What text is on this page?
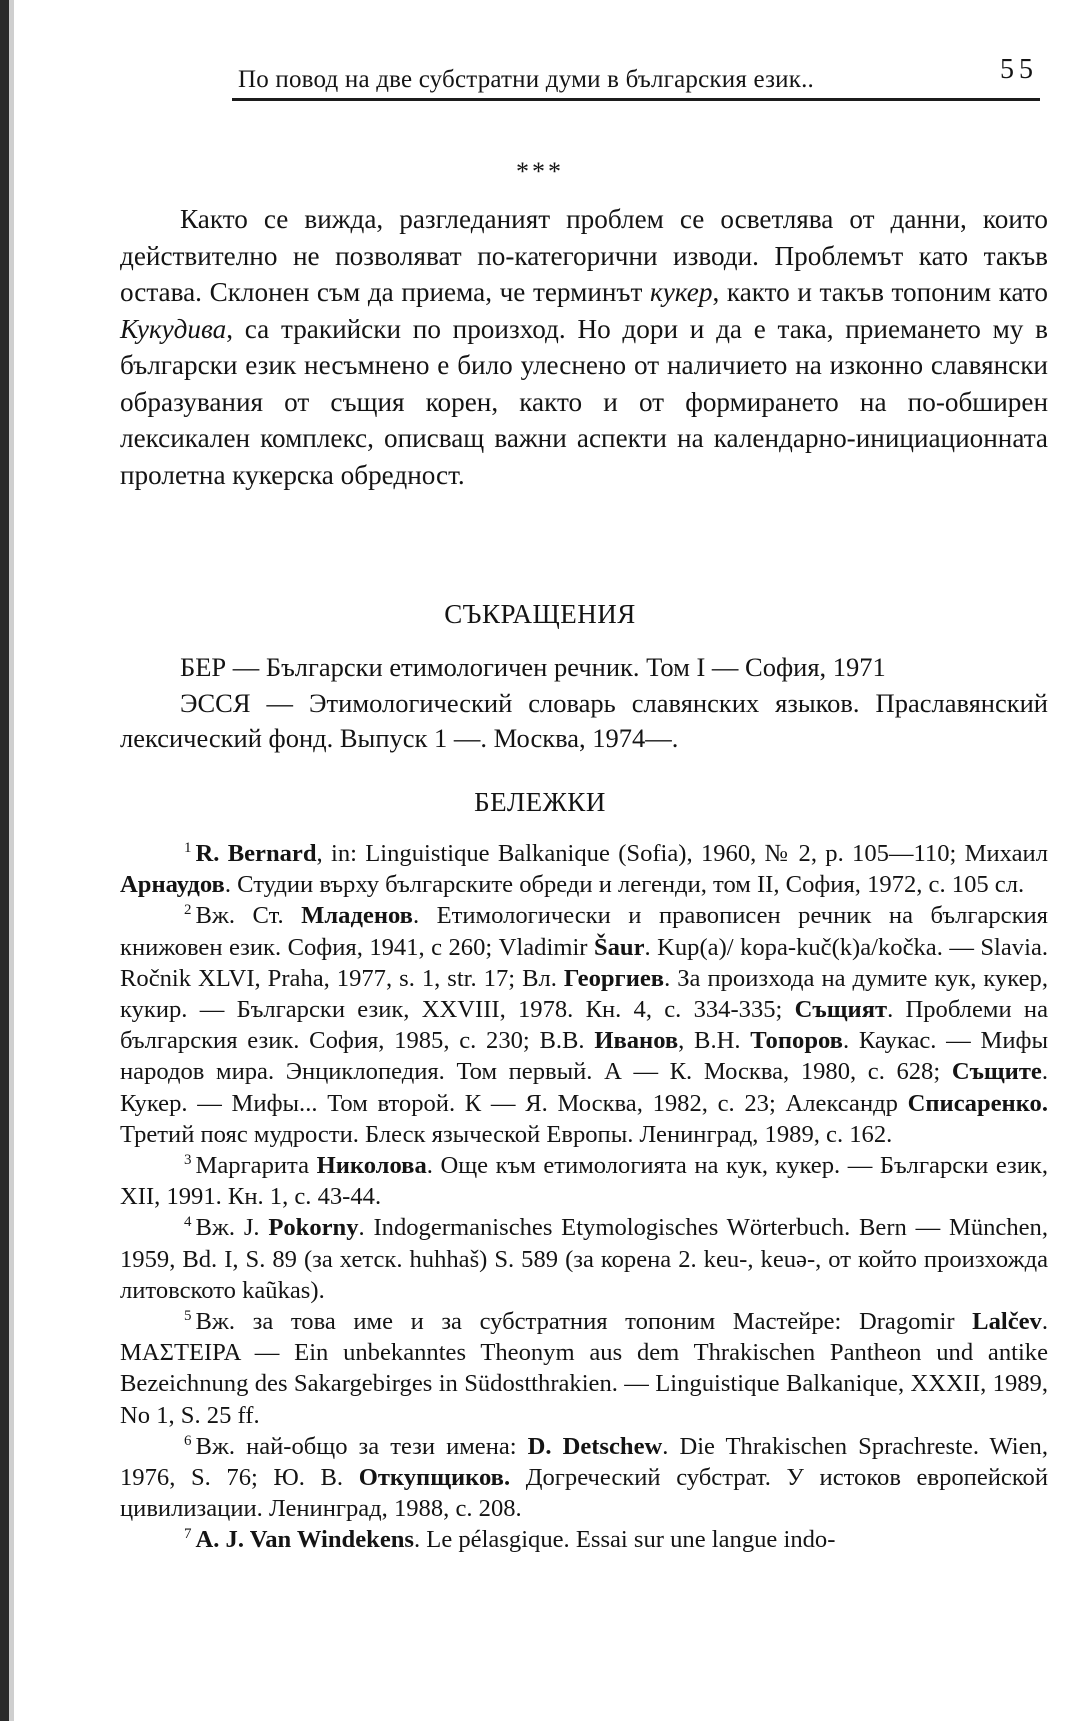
По повод на две субстратни думи в българския език..	55
***

Както се вижда, разгледаният проблем се осветлява от данни, които действително не позволяват по-категорични изводи. Проблемът като такъв остава. Склонен съм да приема, че терминът кукер, както и такъв топоним като Кукудива, са тракийски по произход. Но дори и да е така, приемането му в български език несъмнено е било улеснено от наличието на изконно славянски образувания от същия корен, както и от формирането на по-обширен лексикален комплекс, описващ важни аспекти на календарно-инициационната пролетна кукерска обредност.

СЪКРАЩЕНИЯ

БЕР — Български етимологичен речник. Том I — София, 1971

ЭССЯ — Этимологический словарь славянских языков. Праславянский лексический фонд. Выпуск 1 —. Москва, 1974—.

БЕЛЕЖКИ

$^1$ R. Bernard, in: Linguistique Balkanique (Sofia), 1960, № 2, p. 105—110; Михаил Арнаудов. Студии върху българските обреди и легенди, том II, София, 1972, с. 105 сл.

$^2$ Вж. Ст. Младенов. Етимологически и правописен речник на българския книжовен език. София, 1941, с 260; Vladimir Šaur. Kup(a)/ kopa-kuč(k)a/kočka. — Slavia. Ročnik XLVI, Praha, 1977, s. 1, str. 17; Вл. Георгиев. За произхода на думите кук, кукер, кукир. — Български език, XXVIII, 1978. Кн. 4, с. 334-335; Същият. Проблеми на българския език. София, 1985, с. 230; В.В. Иванов, В.Н. Топоров. Каукас. — Мифы народов мира. Энциклопедия. Том первый. А — К. Москва, 1980, с. 628; Същите. Кукер. — Мифы... Том второй. К — Я. Москва, 1982, с. 23; Александр Спиcаренко. Третий пояс мудрости. Блеск языческой Европы. Ленинград, 1989, с. 162.

$^3$ Маргарита Николова. Още към етимологията на кук, кукер. — Български език, XII, 1991. Кн. 1, с. 43-44.

$^4$ Вж. J. Pokorny. Indogermanisches Etymologisches Wörterbuch. Bern — München, 1959, Bd. I, S. 89 (за хетск. huhhaš) S. 589 (за корена 2. keu-, keuə-, от който произхожда литовското kaũkas).

$^5$ Вж. за това име и за субстратния топоним Мастейре: Dragomir Lalčev. ΜΑΣΤΕΙΡΑ — Ein unbekanntes Theonym aus dem Thrakischen Pantheon und antike Bezeichnung des Sakargebirges in Südostthrakien. — Linguistique Balkanique, XXXII, 1989, No 1, S. 25 ff.

$^6$ Вж. най-общо за тези имена: D. Detschew. Die Thrakischen Sprachreste. Wien, 1976, S. 76; Ю. В. Откупщиков. Догреческий субстрат. У истоков европейской цивилизации. Ленинград, 1988, с. 208.

$^7$ A. J. Van Windekens. Le pélasgique. Essai sur une langue indo-
